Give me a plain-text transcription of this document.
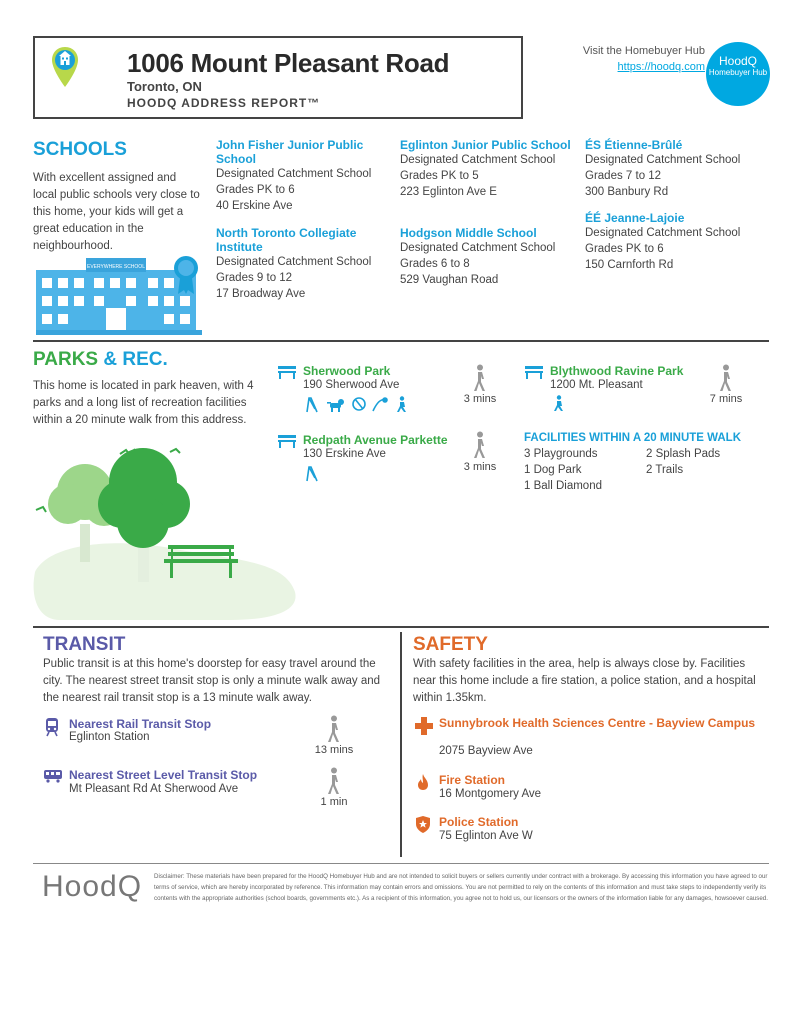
1006 Mount Pleasant Road
Toronto, ON
HOODQ ADDRESS REPORT™
Visit the Homebuyer Hub
https://hoodq.com	HoodQ
Homebuyer Hub
SCHOOLS
With excellent assigned and local public schools very close to this home, your kids will get a great education in the neighbourhood.
EVERYWHERE SCHOOL
John Fisher Junior Public School
Designated Catchment School
Grades PK to 6
40 Erskine Ave
Eglinton Junior Public School
Designated Catchment School
Grades PK to 5
223 Eglinton Ave E
ÉS Étienne-Brûlé
Designated Catchment School
Grades 7 to 12
300 Banbury Rd
North Toronto Collegiate Institute
Designated Catchment School
Grades 9 to 12
17 Broadway Ave
Hodgson Middle School
Designated Catchment School
Grades 6 to 8
529 Vaughan Road
ÉÉ Jeanne-Lajoie
Designated Catchment School
Grades PK to 6
150 Carnforth Rd
PARKS & REC.
This home is located in park heaven, with 4 parks and a long list of recreation facilities within a 20 minute walk from this address.
Sherwood Park
190 Sherwood Ave
3 mins
Blythwood Ravine Park
1200 Mt. Pleasant
7 mins
Redpath Avenue Parkette
130 Erskine Ave
3 mins
FACILITIES WITHIN A 20 MINUTE WALK
3 Playgrounds
1 Dog Park
1 Ball Diamond
2 Splash Pads
2 Trails
TRANSIT
Public transit is at this home's doorstep for easy travel around the city. The nearest street transit stop is only a minute walk away and the nearest rail transit stop is a 13 minute walk away.
Nearest Rail Transit Stop
Eglinton Station
13 mins
Nearest Street Level Transit Stop
Mt Pleasant Rd At Sherwood Ave
1 min
SAFETY
With safety facilities in the area, help is always close by. Facilities near this home include a fire station, a police station, and a hospital within 1.35km.
Sunnybrook Health Sciences Centre - Bayview Campus
2075 Bayview Ave
Fire Station
16 Montgomery Ave
Police Station
75 Eglinton Ave W
HoodQ Disclaimer: These materials have been prepared for the HoodQ Homebuyer Hub and are not intended to solicit buyers or sellers currently under contract with a brokerage. By accessing this information you have agreed to our terms of service, which are hereby incorporated by reference. This information may contain errors and omissions. You are not permitted to rely on the contents of this information and must take steps to independently verify its contents with the appropriate authorities (school boards, governments etc.). As a recipient of this information, you agree not to hold us, our licensors or the owners of the information liable for any damages, howsoever caused.
